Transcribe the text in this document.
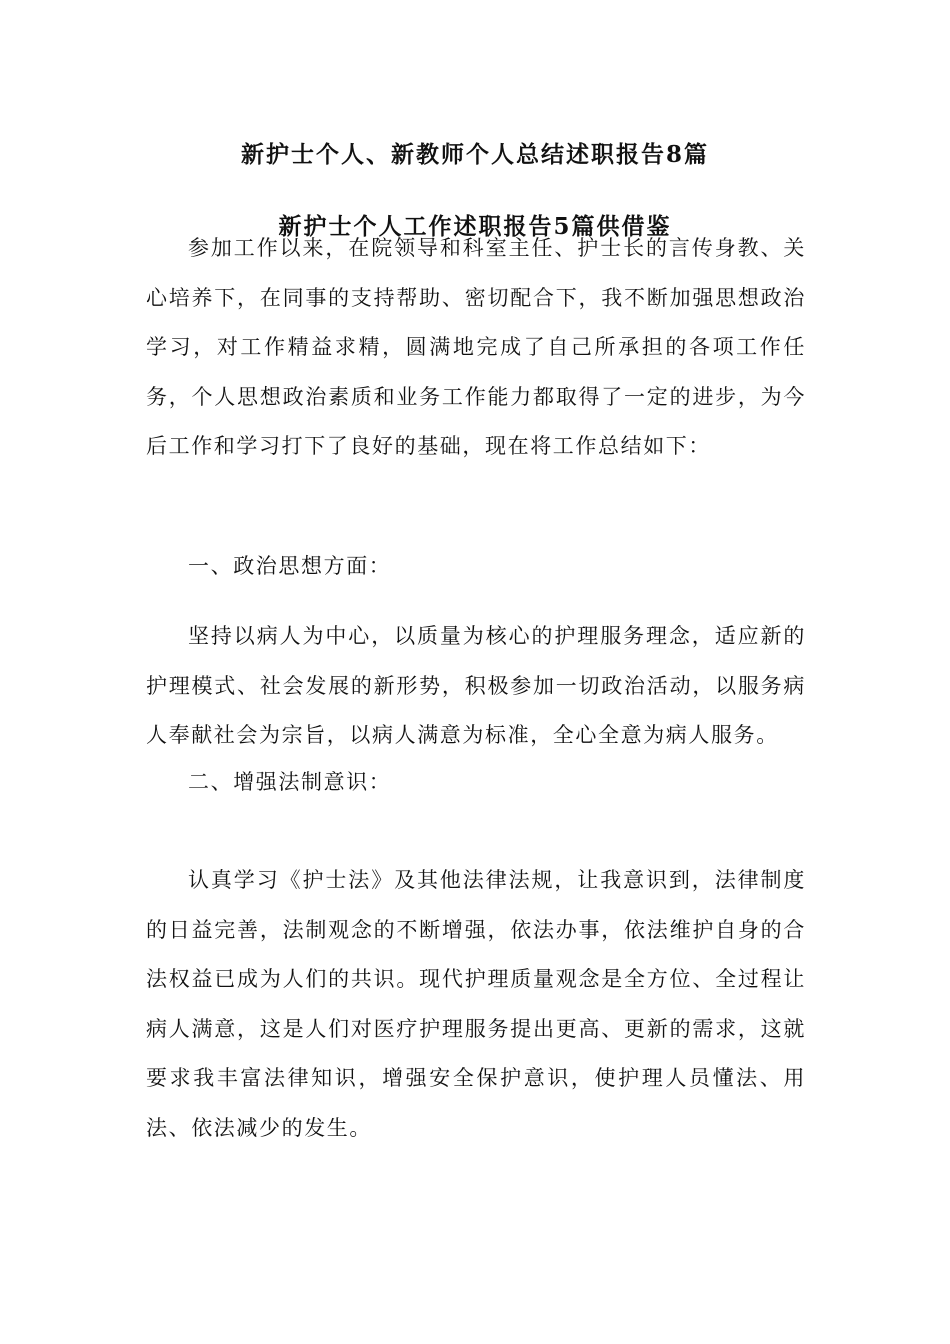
新护士个人、新教师个人总结述职报告8篇
新护士个人工作述职报告5篇供借鉴

参加工作以来，在院领导和科室主任、护士长的言传身教、关心培养下，在同事的支持帮助、密切配合下，我不断加强思想政治学习，对工作精益求精，圆满地完成了自己所承担的各项工作任务，个人思想政治素质和业务工作能力都取得了一定的进步，为今后工作和学习打下了良好的基础，现在将工作总结如下：

一、政治思想方面：

坚持以病人为中心，以质量为核心的护理服务理念，适应新的护理模式、社会发展的新形势，积极参加一切政治活动，以服务病人奉献社会为宗旨，以病人满意为标准，全心全意为病人服务。

二、增强法制意识：

认真学习《护士法》及其他法律法规，让我意识到，法律制度的日益完善，法制观念的不断增强，依法办事，依法维护自身的合法权益已成为人们的共识。现代护理质量观念是全方位、全过程让病人满意，这是人们对医疗护理服务提出更高、更新的需求，这就要求我丰富法律知识，增强安全保护意识，使护理人员懂法、用法、依法减少的发生。
